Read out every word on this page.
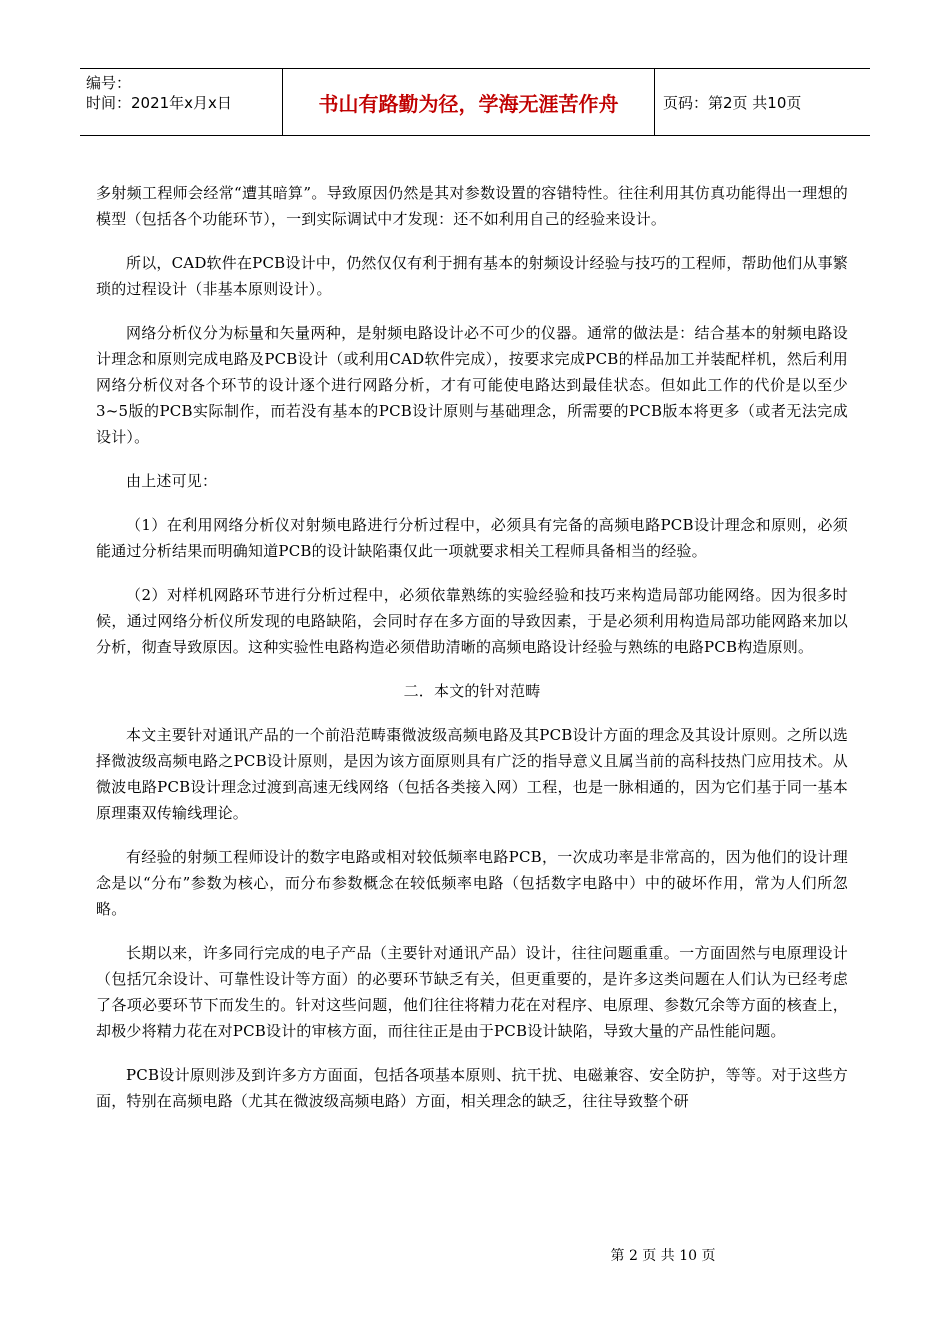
编号：
时间：2021年x月x日	书山有路勤为径，学海无涯苦作舟	页码：第2页 共10页

多射频工程师会经常“遭其暗算”。导致原因仍然是其对参数设置的容错特性。往往利用其仿真功能得出一理想的模型（包括各个功能环节），一到实际调试中才发现：还不如利用自己的经验来设计。

所以，CAD软件在PCB设计中，仍然仅仅有利于拥有基本的射频设计经验与技巧的工程师，帮助他们从事繁琐的过程设计（非基本原则设计）。

网络分析仪分为标量和矢量两种，是射频电路设计必不可少的仪器。通常的做法是：结合基本的射频电路设计理念和原则完成电路及PCB设计（或利用CAD软件完成），按要求完成PCB的样品加工并装配样机，然后利用网络分析仪对各个环节的设计逐个进行网路分析，才有可能使电路达到最佳状态。但如此工作的代价是以至少3~5版的PCB实际制作，而若没有基本的PCB设计原则与基础理念，所需要的PCB版本将更多（或者无法完成设计）。

由上述可见：

（1）在利用网络分析仪对射频电路进行分析过程中，必须具有完备的高频电路PCB设计理念和原则，必须能通过分析结果而明确知道PCB的设计缺陷棗仅此一项就要求相关工程师具备相当的经验。

（2）对样机网路环节进行分析过程中，必须依靠熟练的实验经验和技巧来构造局部功能网络。因为很多时候，通过网络分析仪所发现的电路缺陷，会同时存在多方面的导致因素，于是必须利用构造局部功能网路来加以分析，彻查导致原因。这种实验性电路构造必须借助清晰的高频电路设计经验与熟练的电路PCB构造原则。

二．本文的针对范畴

本文主要针对通讯产品的一个前沿范畴棗微波级高频电路及其PCB设计方面的理念及其设计原则。之所以选择微波级高频电路之PCB设计原则，是因为该方面原则具有广泛的指导意义且属当前的高科技热门应用技术。从微波电路PCB设计理念过渡到高速无线网络（包括各类接入网）工程，也是一脉相通的，因为它们基于同一基本原理棗双传输线理论。

有经验的射频工程师设计的数字电路或相对较低频率电路PCB，一次成功率是非常高的，因为他们的设计理念是以“分布”参数为核心，而分布参数概念在较低频率电路（包括数字电路中）中的破坏作用，常为人们所忽略。

长期以来，许多同行完成的电子产品（主要针对通讯产品）设计，往往问题重重。一方面固然与电原理设计（包括冗余设计、可靠性设计等方面）的必要环节缺乏有关，但更重要的，是许多这类问题在人们认为已经考虑了各项必要环节下而发生的。针对这些问题，他们往往将精力花在对程序、电原理、参数冗余等方面的核查上，却极少将精力花在对PCB设计的审核方面，而往往正是由于PCB设计缺陷，导致大量的产品性能问题。

PCB设计原则涉及到许多方方面面，包括各项基本原则、抗干扰、电磁兼容、安全防护，等等。对于这些方面，特别在高频电路（尤其在微波级高频电路）方面，相关理念的缺乏，往往导致整个研

第 2 页 共 10 页
